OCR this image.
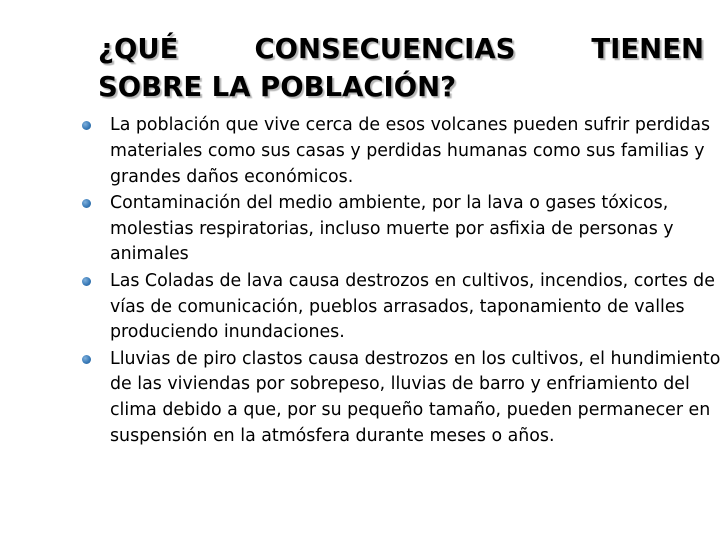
¿QUÉ	CONSECUENCIAS	TIENEN
SOBRE LA POBLACIÓN?
La población que vive cerca de esos volcanes pueden sufrir perdidas materiales como sus casas y perdidas humanas como sus familias y grandes daños económicos.
Contaminación del medio ambiente, por la lava o gases tóxicos, molestias respiratorias, incluso muerte por asfixia de personas y animales
Las Coladas de lava causa destrozos en cultivos, incendios, cortes de vías de comunicación, pueblos arrasados, taponamiento de valles produciendo inundaciones.
Lluvias de piro clastos causa destrozos en los cultivos, el hundimiento de las viviendas por sobrepeso, lluvias de barro y enfriamiento del clima debido a que, por su pequeño tamaño, pueden permanecer en suspensión en la atmósfera durante meses o años.
